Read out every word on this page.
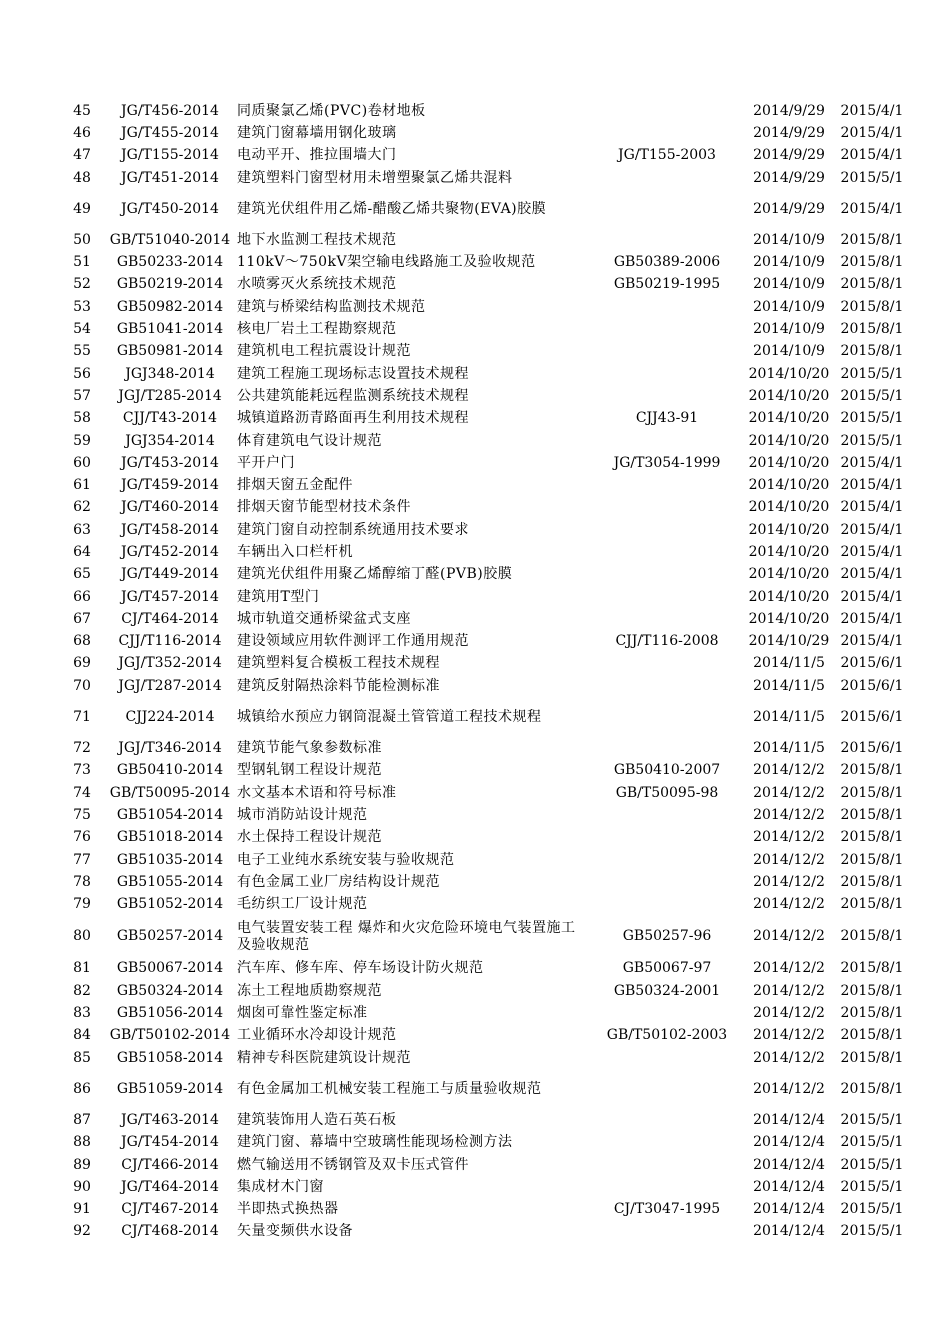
45 JG/T456-2014 同质聚氯乙烯(PVC)卷材地板	2014/9/29 2015/4/1
46 JG/T455-2014 建筑门窗幕墙用钢化玻璃	2014/9/29 2015/4/1
47 JG/T155-2014 电动平开、推拉围墙大门	JG/T155-2003	2014/9/29 2015/4/1
48 JG/T451-2014 建筑塑料门窗型材用未增塑聚氯乙烯共混料	2014/9/29 2015/5/1
49 JG/T450-2014 建筑光伏组件用乙烯-醋酸乙烯共聚物(EVA)胶膜	2014/9/29 2015/4/1
50 GB/T51040-2014 地下水监测工程技术规范	2014/10/9 2015/8/1
51 GB50233-2014 110kV～750kV架空输电线路施工及验收规范	GB50389-2006 2014/10/9 2015/8/1
52 GB50219-2014 水喷雾灭火系统技术规范	GB50219-1995 2014/10/9 2015/8/1
53 GB50982-2014 建筑与桥梁结构监测技术规范	2014/10/9 2015/8/1
54 GB51041-2014 核电厂岩土工程勘察规范	2014/10/9 2015/8/1
55 GB50981-2014 建筑机电工程抗震设计规范	2014/10/9 2015/8/1
56 JGJ348-2014 建筑工程施工现场标志设置技术规程	2014/10/20 2015/5/1
57 JGJ/T285-2014 公共建筑能耗远程监测系统技术规程	2014/10/20 2015/5/1
58 CJJ/T43-2014 城镇道路沥青路面再生利用技术规程	CJJ43-91	2014/10/20 2015/5/1
59 JGJ354-2014 体育建筑电气设计规范	2014/10/20 2015/5/1
60 JG/T453-2014 平开户门	JG/T3054-1999 2014/10/20 2015/4/1
61 JG/T459-2014 排烟天窗五金配件	2014/10/20 2015/4/1
62 JG/T460-2014 排烟天窗节能型材技术条件	2014/10/20 2015/4/1
63 JG/T458-2014 建筑门窗自动控制系统通用技术要求	2014/10/20 2015/4/1
64 JG/T452-2014 车辆出入口栏杆机	2014/10/20 2015/4/1
65 JG/T449-2014 建筑光伏组件用聚乙烯醇缩丁醛(PVB)胶膜	2014/10/20 2015/4/1
66 JG/T457-2014 建筑用T型门	2014/10/20 2015/4/1
67 CJ/T464-2014 城市轨道交通桥梁盆式支座	2014/10/20 2015/4/1
68 CJJ/T116-2014 建设领域应用软件测评工作通用规范	CJJ/T116-2008 2014/10/29 2015/4/1
69 JGJ/T352-2014 建筑塑料复合模板工程技术规程	2014/11/5 2015/6/1
70 JGJ/T287-2014 建筑反射隔热涂料节能检测标准	2014/11/5 2015/6/1
71 CJJ224-2014 城镇给水预应力钢筒混凝土管管道工程技术规程	2014/11/5 2015/6/1
72 JGJ/T346-2014 建筑节能气象参数标准	2014/11/5 2015/6/1
73 GB50410-2014 型钢轧钢工程设计规范	GB50410-2007 2014/12/2 2015/8/1
74 GB/T50095-2014 水文基本术语和符号标准	GB/T50095-98 2014/12/2 2015/8/1
75 GB51054-2014 城市消防站设计规范	2014/12/2 2015/8/1
76 GB51018-2014 水土保持工程设计规范	2014/12/2 2015/8/1
77 GB51035-2014 电子工业纯水系统安装与验收规范	2014/12/2 2015/8/1
78 GB51055-2014 有色金属工业厂房结构设计规范	2014/12/2 2015/8/1
79 GB51052-2014 毛纺织工厂设计规范	2014/12/2 2015/8/1
80 GB50257-2014
电气装置安装工程 爆炸和火灾危险环境电气装置施工及验收规范
GB50257-96	2014/12/2 2015/8/1
81 GB50067-2014 汽车库、修车库、停车场设计防火规范	GB50067-97	2014/12/2 2015/8/1
82 GB50324-2014 冻土工程地质勘察规范	GB50324-2001 2014/12/2 2015/8/1
83 GB51056-2014 烟囱可靠性鉴定标准	2014/12/2 2015/8/1
84 GB/T50102-2014 工业循环水冷却设计规范	GB/T50102-2003 2014/12/2 2015/8/1
85 GB51058-2014 精神专科医院建筑设计规范	2014/12/2 2015/8/1
86 GB51059-2014 有色金属加工机械安装工程施工与质量验收规范	2014/12/2 2015/8/1
87 JG/T463-2014 建筑装饰用人造石英石板	2014/12/4 2015/5/1
88 JG/T454-2014 建筑门窗、幕墙中空玻璃性能现场检测方法	2014/12/4 2015/5/1
89 CJ/T466-2014 燃气输送用不锈钢管及双卡压式管件	2014/12/4 2015/5/1
90 JG/T464-2014 集成材木门窗	2014/12/4 2015/5/1
91 CJ/T467-2014 半即热式换热器	CJ/T3047-1995 2014/12/4 2015/5/1
92 CJ/T468-2014 矢量变频供水设备	2014/12/4 2015/5/1
